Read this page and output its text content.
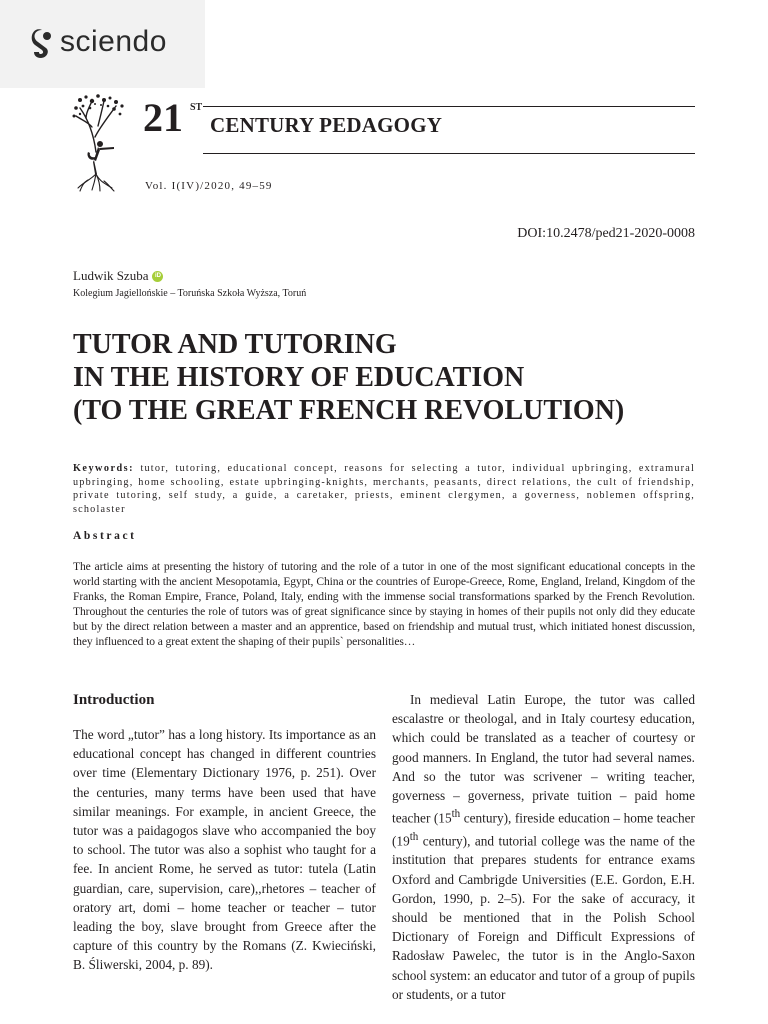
sciendo
21 ST
CENTURY PEDAGOGY
Vol. I(IV)/2020, 49–59
DOI:10.2478/ped21-2020-0008
Ludwik Szuba	iD
Kolegium Jagiellońskie – Toruńska Szkoła Wyższa, Toruń
TUTOR AND TUTORING
IN THE HISTORY OF EDUCATION
(TO THE GREAT FRENCH REVOLUTION)
Keywords: tutor, tutoring, educational concept, reasons for selecting a tutor, individual upbringing, extramural upbringing, home schooling, estate upbringing-knights, merchants, peasants, direct relations, the cult of friendship, private tutoring, self study, a guide, a caretaker, priests, eminent clergymen, a governess, noblemen offspring, scholaster
Abstract
The article aims at presenting the history of tutoring and the role of a tutor in one of the most significant educational concepts in the world starting with the ancient Mesopotamia, Egypt, China or the countries of Europe-Greece, Rome, England, Ireland, Kingdom of the Franks, the Roman Empire, France, Poland, Italy, ending with the immense social transformations sparked by the French Revolution. Throughout the centuries the role of tutors was of great significance since by staying in homes of their pupils not only did they educate but by the direct relation between a master and an apprentice, based on friendship and mutual trust, which initiated honest discussion, they influenced to a great extent the shaping of their pupils` personalities…
Introduction

The word „tutor” has a long history. Its importance as an educational concept has changed in different countries over time (Elementary Dictionary 1976, p. 251). Over the centuries, many terms have been used that have similar meanings. For example, in ancient Greece, the tutor was a paidagogos slave who accompanied the boy to school. The tutor was also a sophist who taught for a fee. In ancient Rome, he served as tutor: tutela (Latin guardian, care, supervision, care),,rhetores – teacher of oratory art, domi – home teacher or teacher – tutor leading the boy, slave brought from Greece after the capture of this country by the Romans (Z. Kwieciński, B. Śliwerski, 2004, p. 89).

In medieval Latin Europe, the tutor was called escalastre or theologal, and in Italy courtesy education, which could be translated as a teacher of courtesy or good manners. In England, the tutor had several names. And so the tutor was scrivener – writing teacher, governess – governess, private tuition – paid home teacher (15th century), fireside education – home teacher (19th century), and tutorial college was the name of the institution that prepares students for entrance exams Oxford and Cambrigde Universities (E.E. Gordon, E.H. Gordon, 1990, p. 2–5). For the sake of accuracy, it should be mentioned that in the Polish School Dictionary of Foreign and Difficult Expressions of Radosław Pawelec, the tutor is in the Anglo-Saxon school system: an educator and tutor of a group of pupils or students, or a tutor
